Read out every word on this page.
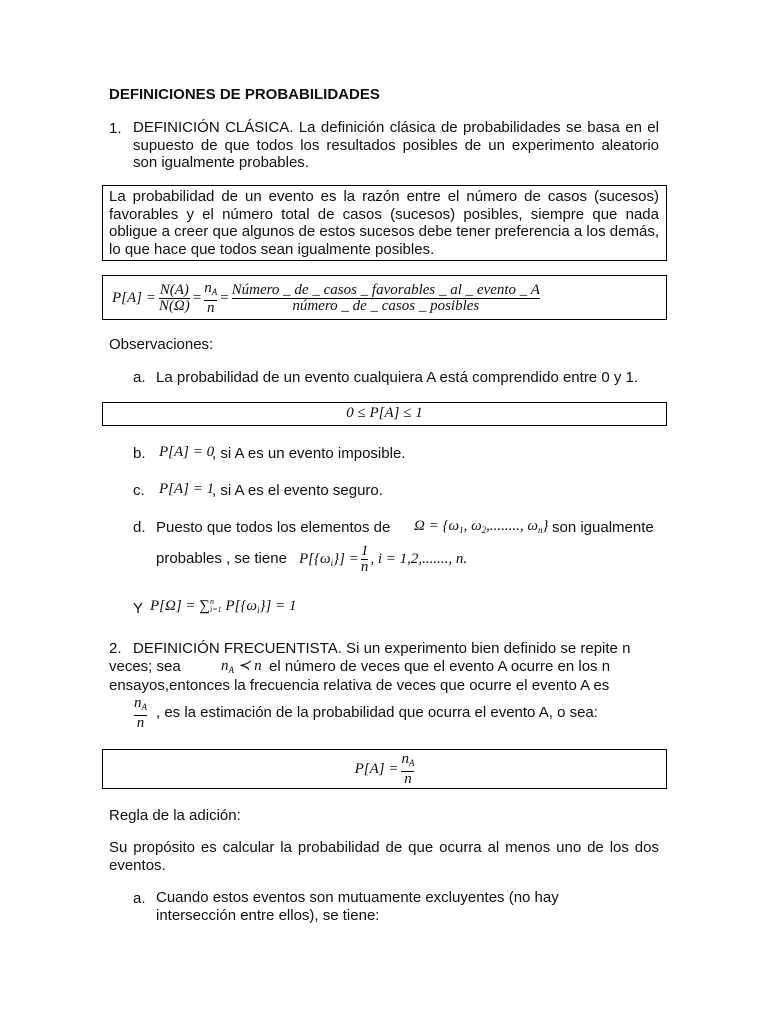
DEFINICIONES DE PROBABILIDADES
1. DEFINICIÓN CLÁSICA. La definición clásica de probabilidades se basa en el supuesto de que todos los resultados posibles de un experimento aleatorio son igualmente probables.
La probabilidad de un evento es la razón entre el número de casos (sucesos) favorables y el número total de casos (sucesos) posibles, siempre que nada obligue a creer que algunos de estos sucesos debe tener preferencia a los demás, lo que hace que todos sean igualmente posibles.
$P[A] = \frac{N(A)}{N(\Omega)} = \frac{n_A}{n} = \frac{\text{Número \_ de \_ casos \_ favorables \_ al \_ evento \_ A}}{\text{número \_ de \_ casos \_ posibles}}$
Observaciones:
a. La probabilidad de un evento cualquiera A está comprendido entre 0 y 1.
0 ≤ P[A] ≤ 1
b. P[A] = 0
, si A es un evento imposible.
c. P[A] = 1
, si A es el evento seguro.
d. Puesto que todos los elementos de $\Omega = \{\omega_1$, $\omega_2$,........, $\omega_n$} son igualmente
probables , se tiene $P[\{\omega_i\}] = \frac{1}{n}$ , i = 1,2,......., n.
Y P[Ω] = ∑ n
i=1 $P[\{\omega_i\}] = 1$
2. DEFINICIÓN FRECUENTISTA. Si un experimento bien definido se repite n
veces; sea	$n_A$ ≺ n el número de veces que el evento A ocurre en los n
ensayos,entonces la frecuencia relativa de veces que ocurre el evento A es
$\frac{n_A}{n}$ , es la estimación de la probabilidad que ocurra el evento A, o sea:
$P[A] = \frac{n_A}{n}$
Regla de la adición:
Su propósito es calcular la probabilidad de que ocurra al menos uno de los dos eventos.
a. Cuando estos eventos son mutuamente excluyentes (no hay intersección entre ellos), se tiene:
